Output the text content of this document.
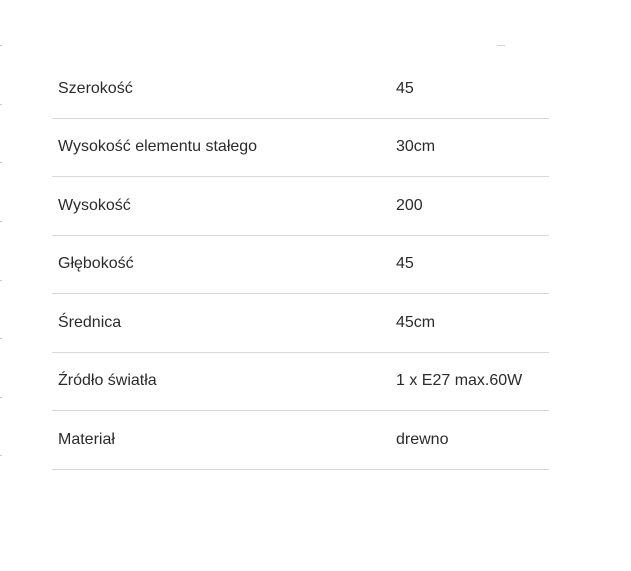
Szerokość	45
Wysokość elementu stałego	30cm
Wysokość	200
Głębokość	45
Średnica	45cm
Źródło światła	1 x E27 max.60W
Materiał	drewno
